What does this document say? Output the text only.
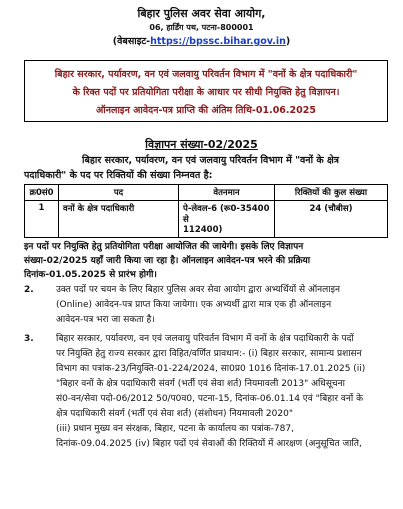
बिहार पुलिस अवर सेवा आयोग,
06, हार्डिंग पथ, पटना-800001
(वेबसाइट-https://bpssc.bihar.gov.in)
बिहार सरकार, पर्यावरण, वन एवं जलवायु परिवर्तन विभाग में "वनों के क्षेत्र पदाधिकारी"
के रिक्त पदों पर प्रतियोगिता परीक्षा के आधार पर सीधी नियुक्ति हेतु विज्ञापन।
ऑनलाइन आवेदन-पत्र प्राप्ति की अंतिम तिथि-01.06.2025
विज्ञापन संख्या-02/2025
बिहार सरकार, पर्यावरण, वन एवं जलवायु परिवर्तन विभाग में "वनों के क्षेत्र
पदाधिकारी" के पद पर रिक्तियों की संख्या निम्नवत है:
क्र0सं0	पद	वेतनमान	रिक्तियों की कुल संख्या
1	वनों के क्षेत्र पदाधिकारी	पे-लेवल-6 (रू0-35400 से
112400)	24 (चौबीस)
इन पदों पर नियुक्ति हेतु प्रतियोगिता परीक्षा आयोजित की जायेगी। इसके लिए विज्ञापन
संख्या-02/2025 यहाँ जारी किया जा रहा है। ऑनलाइन आवेदन-पत्र भरने की प्रक्रिया
दिनांक-01.05.2025 से प्रारंभ होगी।
2. उक्त पदों पर चयन के लिए बिहार पुलिस अवर सेवा आयोग द्वारा अभ्यर्थियों से ऑनलाइन
(Online) आवेदन-पत्र प्राप्त किया जायेगा। एक अभ्यर्थी द्वारा मात्र एक ही ऑनलाइन
आवेदन-पत्र भरा जा सकता है।
3. बिहार सरकार, पर्यावरण, वन एवं जलवायु परिवर्तन विभाग में वनों के क्षेत्र पदाधिकारी के पदों
पर नियुक्ति हेतु राज्य सरकार द्वारा विहित/वर्णित प्रावधान:- (i) बिहार सरकार, सामान्य प्रशासन
विभाग का पत्रांक-23/नियुक्ति-01-224/2024, सा0प्र0 1016 दिनांक-17.01.2025 (ii)
"बिहार वनों के क्षेत्र पदाधिकारी संवर्ग (भर्ती एवं सेवा शर्त) नियमावली 2013" अधिसूचना
सं0-वन/सेवा पदो-06/2012 50/प0व0, पटना-15, दिनांक-06.01.14 एवं "बिहार वनों के
क्षेत्र पदाधिकारी संवर्ग (भर्ती एवं सेवा शर्त) (संशोधन) नियमावली 2020"
(iii) प्रधान मुख्य वन संरक्षक, बिहार, पटना के कार्यालय का पत्रांक-787,
दिनांक-09.04.2025 (iv) बिहार पदों एवं सेवाओं की रिक्तियों में आरक्षण (अनुसूचित जाति,
